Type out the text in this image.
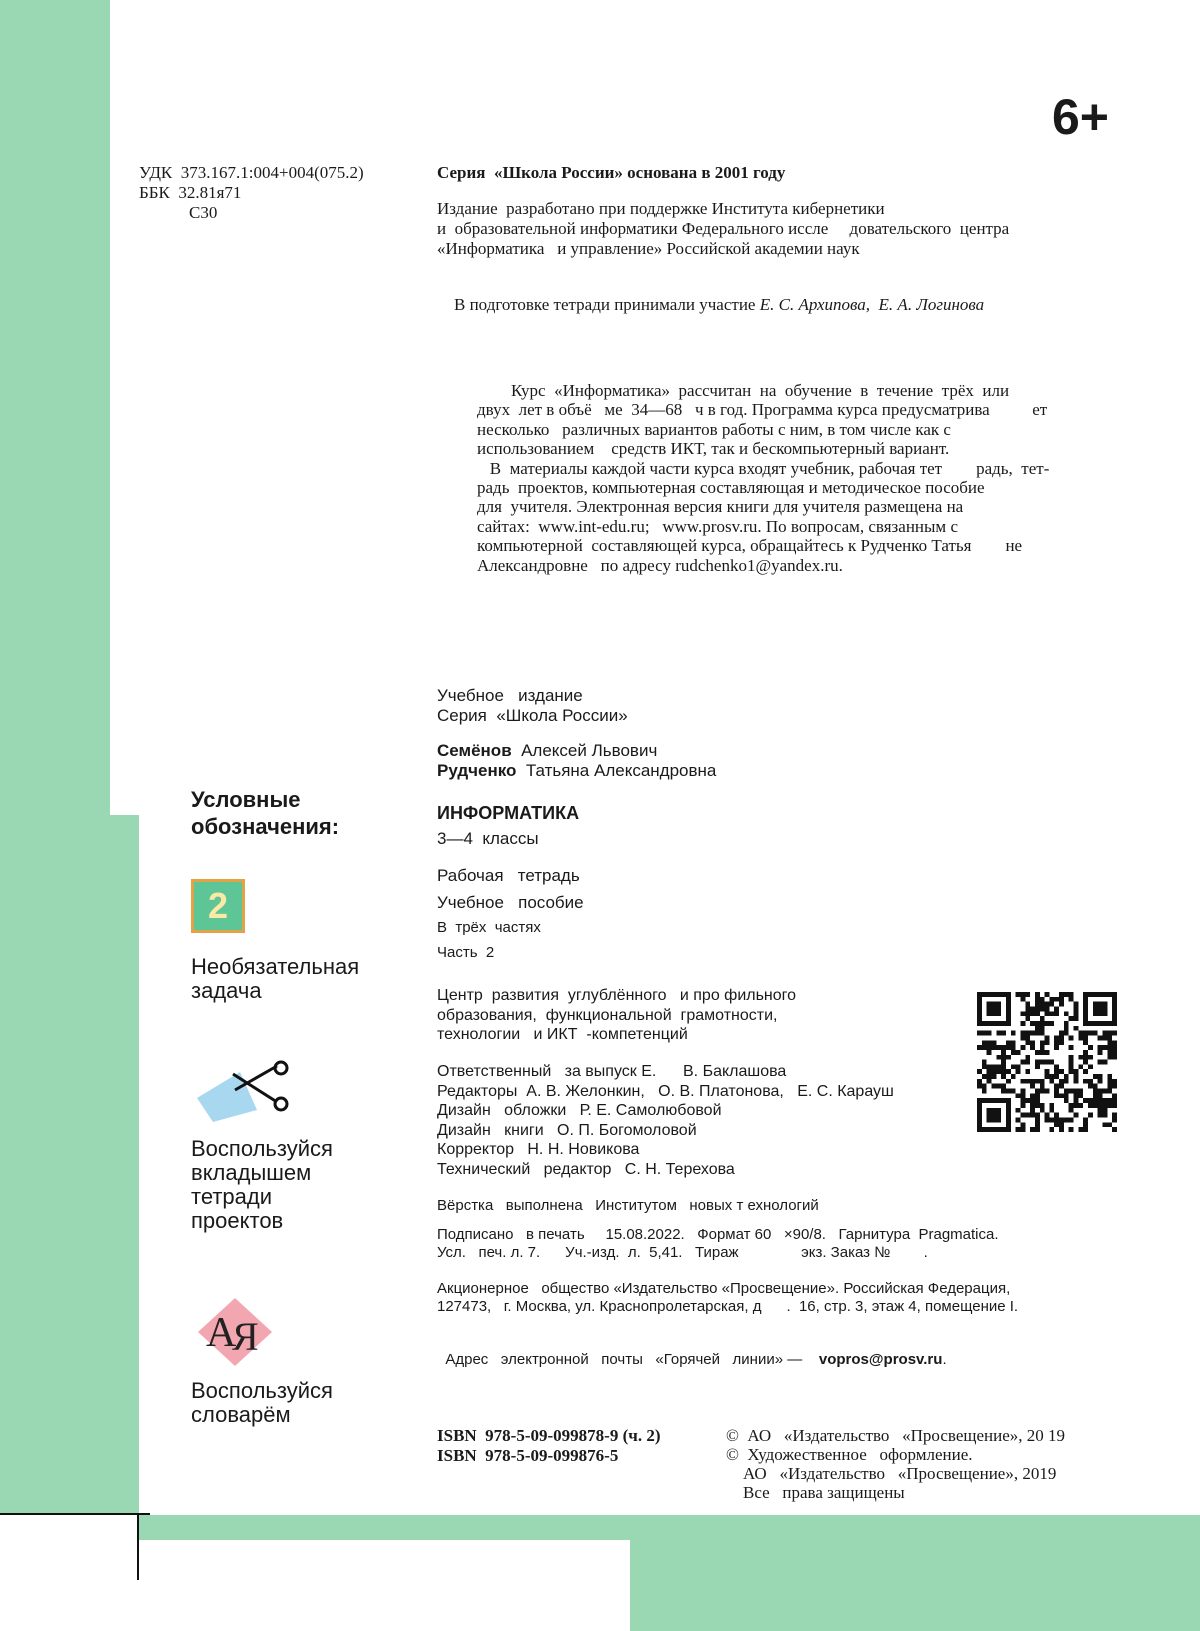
6+
УДК  373.167.1:004+004(075.2)
ББК  32.81я71
С30
Серия  «Школа России» основана в 2001 году
Издание  разработано при поддержке Института кибернетики
и  образовательной информатики Федерального иссле     довательского  центра
«Информатика   и управление» Российской академии наук

В подготовке тетради принимали участие Е. С. Архипова,  Е. А. Логинова

Курс  «Информатика»  рассчитан  на  обучение  в  течение  трёх  или
двух  лет в объё   ме  34—68   ч в год. Программа курса предусматрива          ет
несколько   различных вариантов работы с ним, в том числе как с
использованием    средств ИКТ, так и бескомпьютерный вариант.
В  материалы каждой части курса входят учебник, рабочая тет        радь,  тет-
радь  проектов, компьютерная составляющая и методическое пособие
для  учителя. Электронная версия книги для учителя размещена на
сайтах:  www.int-edu.ru;   www.prosv.ru. По вопросам, связанным с
компьютерной  составляющей курса, обращайтесь к Рудченко Татья        не
Александровне   по адресу rudchenko1@yandex.ru.
Условные
обозначения:
2
Необязательная
задача
Воспользуйся
вкладышем
тетради
проектов
А
Я
Воспользуйся
словарём
Учебное   издание
Серия  «Школа России»
Семёнов  Алексей Львович
Рудченко  Татьяна Александровна
ИНФОРМАТИКА
3—4  классы
Рабочая   тетрадь
Учебное   пособие
В  трёх  частях
Часть  2
Центр  развития  углублённого   и про фильного
образования,  функциональной  грамотности,
технологии   и ИКТ  -компетенций
Ответственный   за выпуск Е.      В. Баклашова
Редакторы  А. В. Желонкин,   О. В. Платонова,   Е. С. Карауш
Дизайн   обложки   Р. Е. Самолюбовой
Дизайн   книги   О. П. Богомоловой
Корректор   Н. Н. Новикова
Технический   редактор   С. Н. Терехова
Вёрстка   выполнена   Институтом   новых т ехнологий
Подписано   в печать     15.08.2022.   Формат 60   ×90/8.   Гарнитура  Pragmatica.
Усл.   печ. л. 7.      Уч.-изд.  л.  5,41.   Тираж               экз. Заказ №        .
Акционерное   общество «Издательство «Просвещение». Российская Федерация,
127473,   г. Москва, ул. Краснопролетарская, д      .  16, стр. 3, этаж 4, помещение I.

Адрес   электронной   почты   «Горячей   линии» —    vopros@prosv.ru.

ISBN  978-5-09-099878-9 (ч. 2)
ISBN  978-5-09-099876-5
©  АО   «Издательство   «Просвещение», 20 19
©  Художественное   оформление.
АО   «Издательство   «Просвещение», 2019
Все   права защищены
